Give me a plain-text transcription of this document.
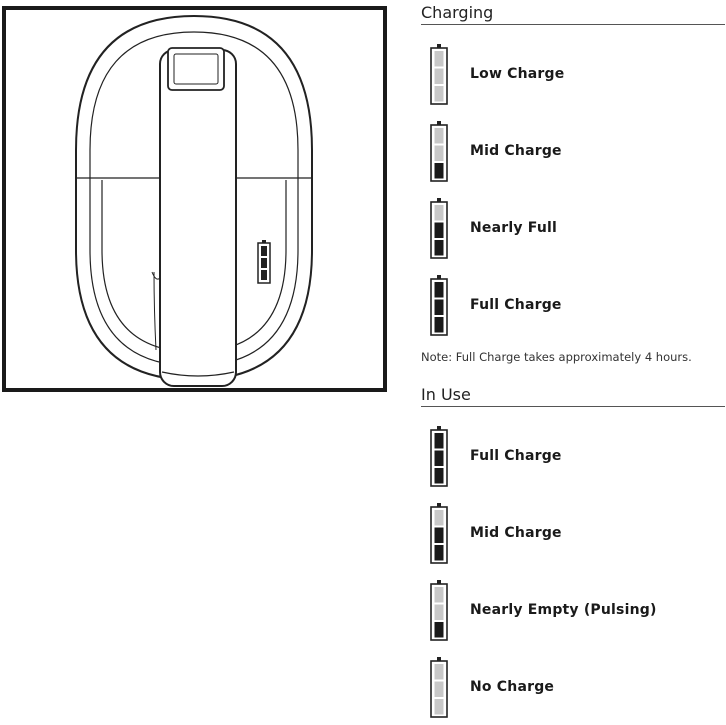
Charging
Low Charge
Mid Charge
Nearly Full
Full Charge
Note: Full Charge takes approximately 4 hours.
In Use
Full Charge
Mid Charge
Nearly Empty (Pulsing)
No Charge
